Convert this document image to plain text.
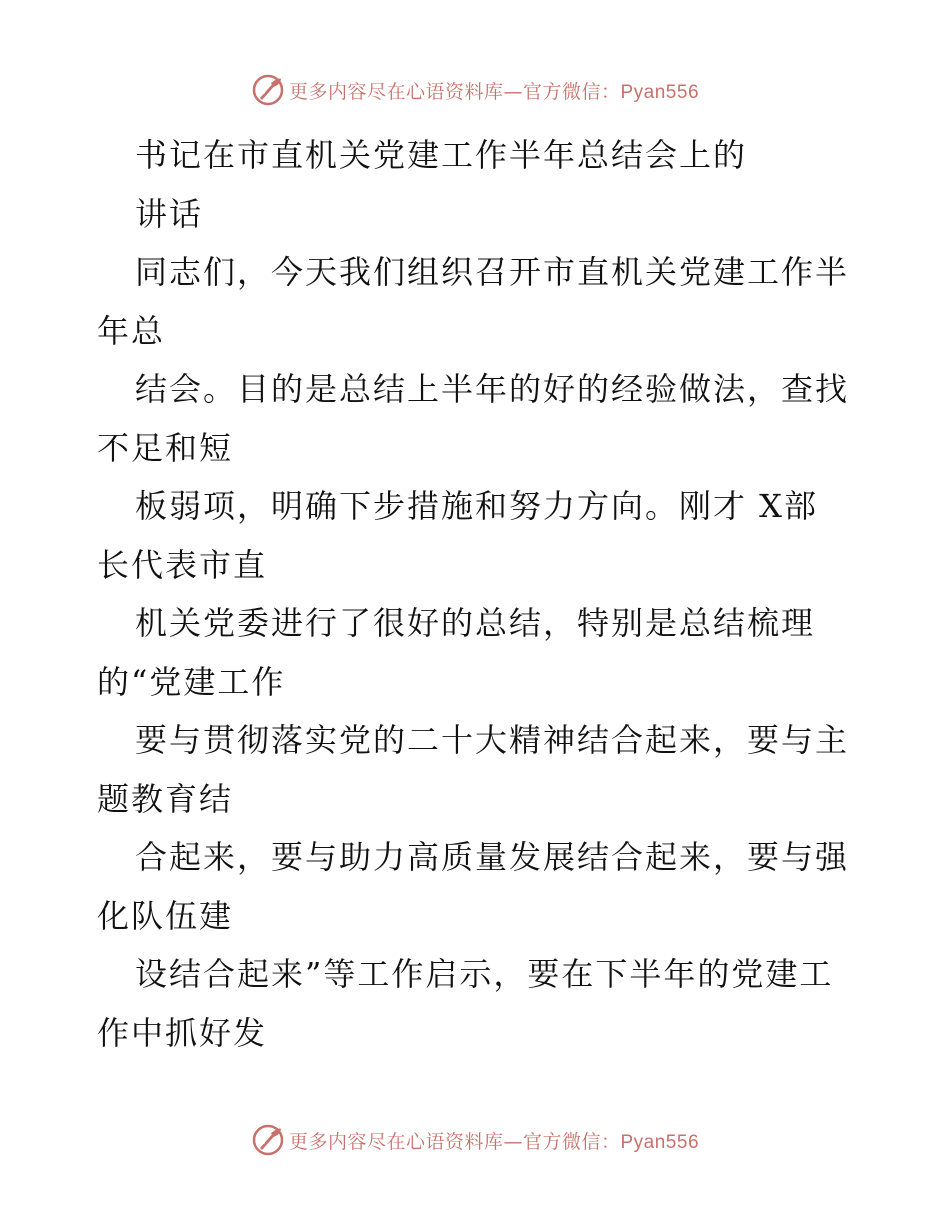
更多内容尽在心语资料库—官方微信：Pyan556
书记在市直机关党建工作半年总结会上的
讲话
同志们，今天我们组织召开市直机关党建工作半
年总
结会。目的是总结上半年的好的经验做法，查找
不足和短
板弱项，明确下步措施和努力方向。刚才 X部
长代表市直
机关党委进行了很好的总结，特别是总结梳理
的“党建工作
要与贯彻落实党的二十大精神结合起来，要与主
题教育结
合起来，要与助力高质量发展结合起来，要与强
化队伍建
设结合起来”等工作启示，要在下半年的党建工
作中抓好发
更多内容尽在心语资料库—官方微信：Pyan556
